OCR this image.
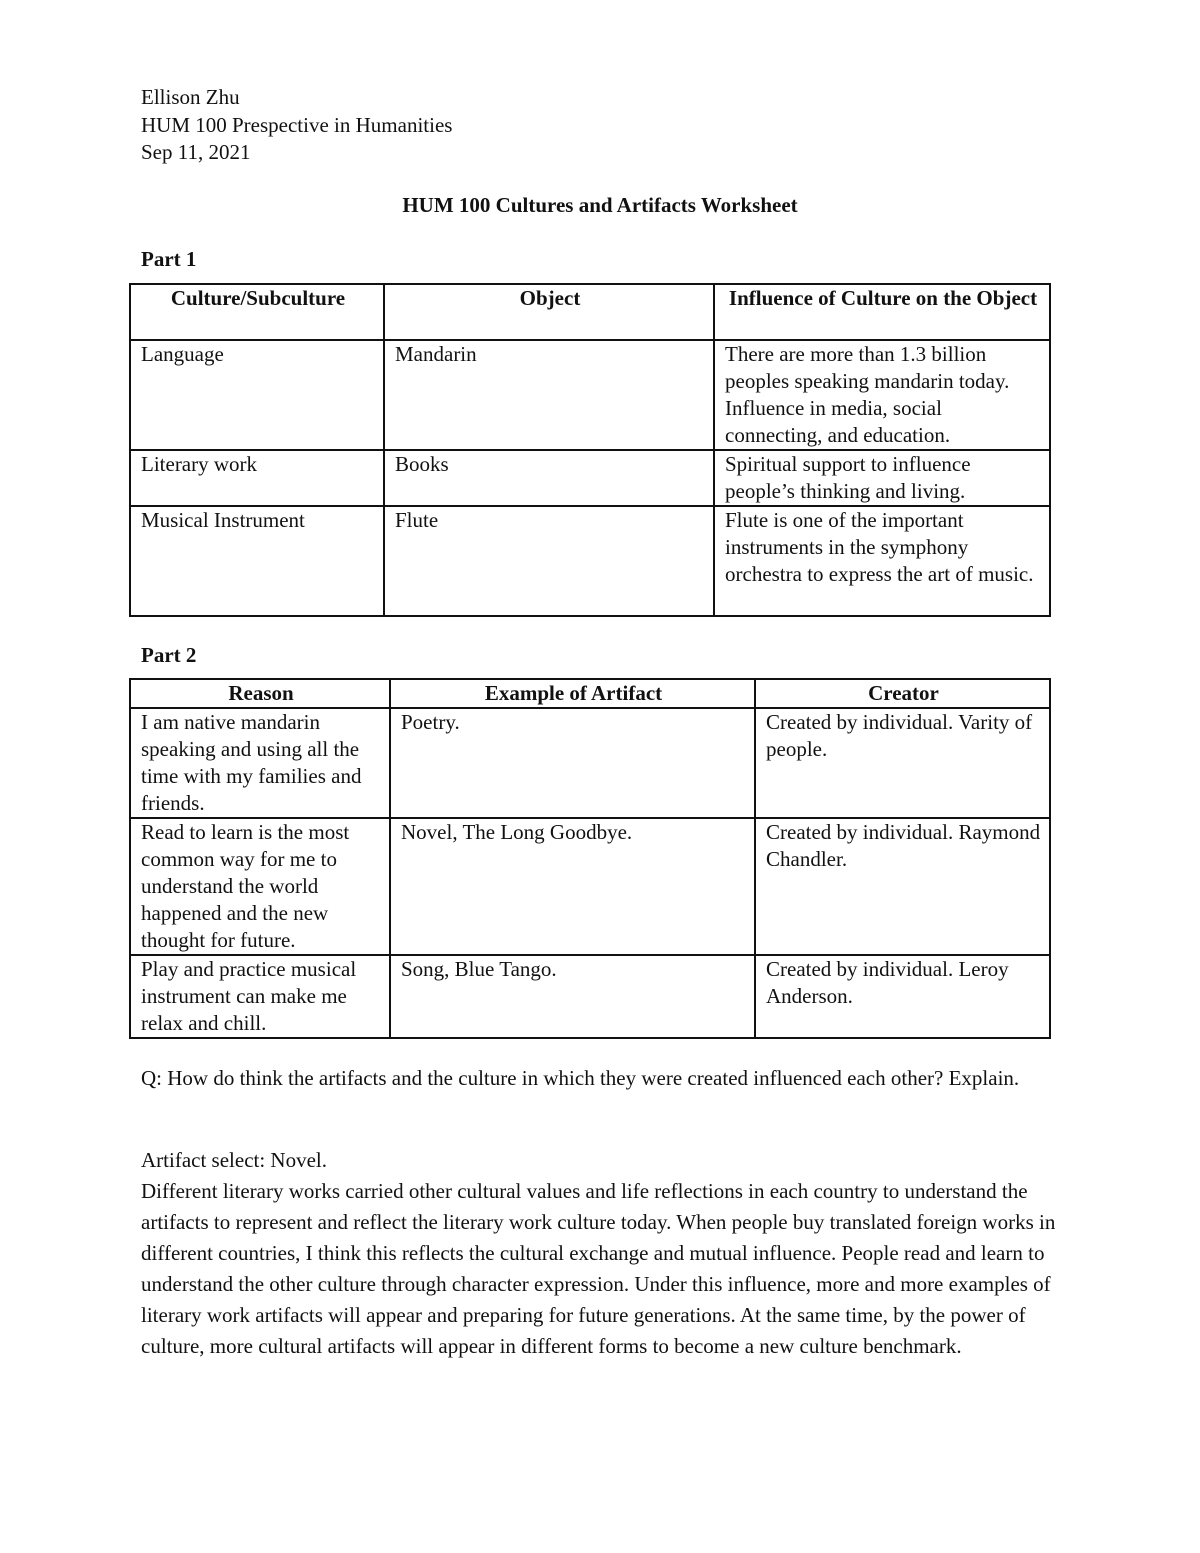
Ellison Zhu
HUM 100 Prespective in Humanities
Sep 11, 2021
HUM 100 Cultures and Artifacts Worksheet
Part 1
Culture/Subculture	Object	Influence of Culture on the Object
Language	Mandarin	There are more than 1.3 billion peoples speaking mandarin today. Influence in media, social connecting, and education.
Literary work	Books	Spiritual support to influence people’s thinking and living.
Musical Instrument	Flute	Flute is one of the important instruments in the symphony orchestra to express the art of music.
Part 2
Reason	Example of Artifact	Creator
I am native mandarin speaking and using all the time with my families and friends.	Poetry.	Created by individual. Varity of people.
Read to learn is the most common way for me to understand the world happened and the new thought for future.	Novel, The Long Goodbye.	Created by individual. Raymond Chandler.
Play and practice musical instrument can make me relax and chill.	Song, Blue Tango.	Created by individual. Leroy Anderson.
Q: How do think the artifacts and the culture in which they were created influenced each other? Explain.

Artifact select: Novel.

Different literary works carried other cultural values and life reflections in each country to understand the artifacts to represent and reflect the literary work culture today. When people buy translated foreign works in different countries, I think this reflects the cultural exchange and mutual influence. People read and learn to understand the other culture through character expression. Under this influence, more and more examples of literary work artifacts will appear and preparing for future generations. At the same time, by the power of culture, more cultural artifacts will appear in different forms to become a new culture benchmark.
